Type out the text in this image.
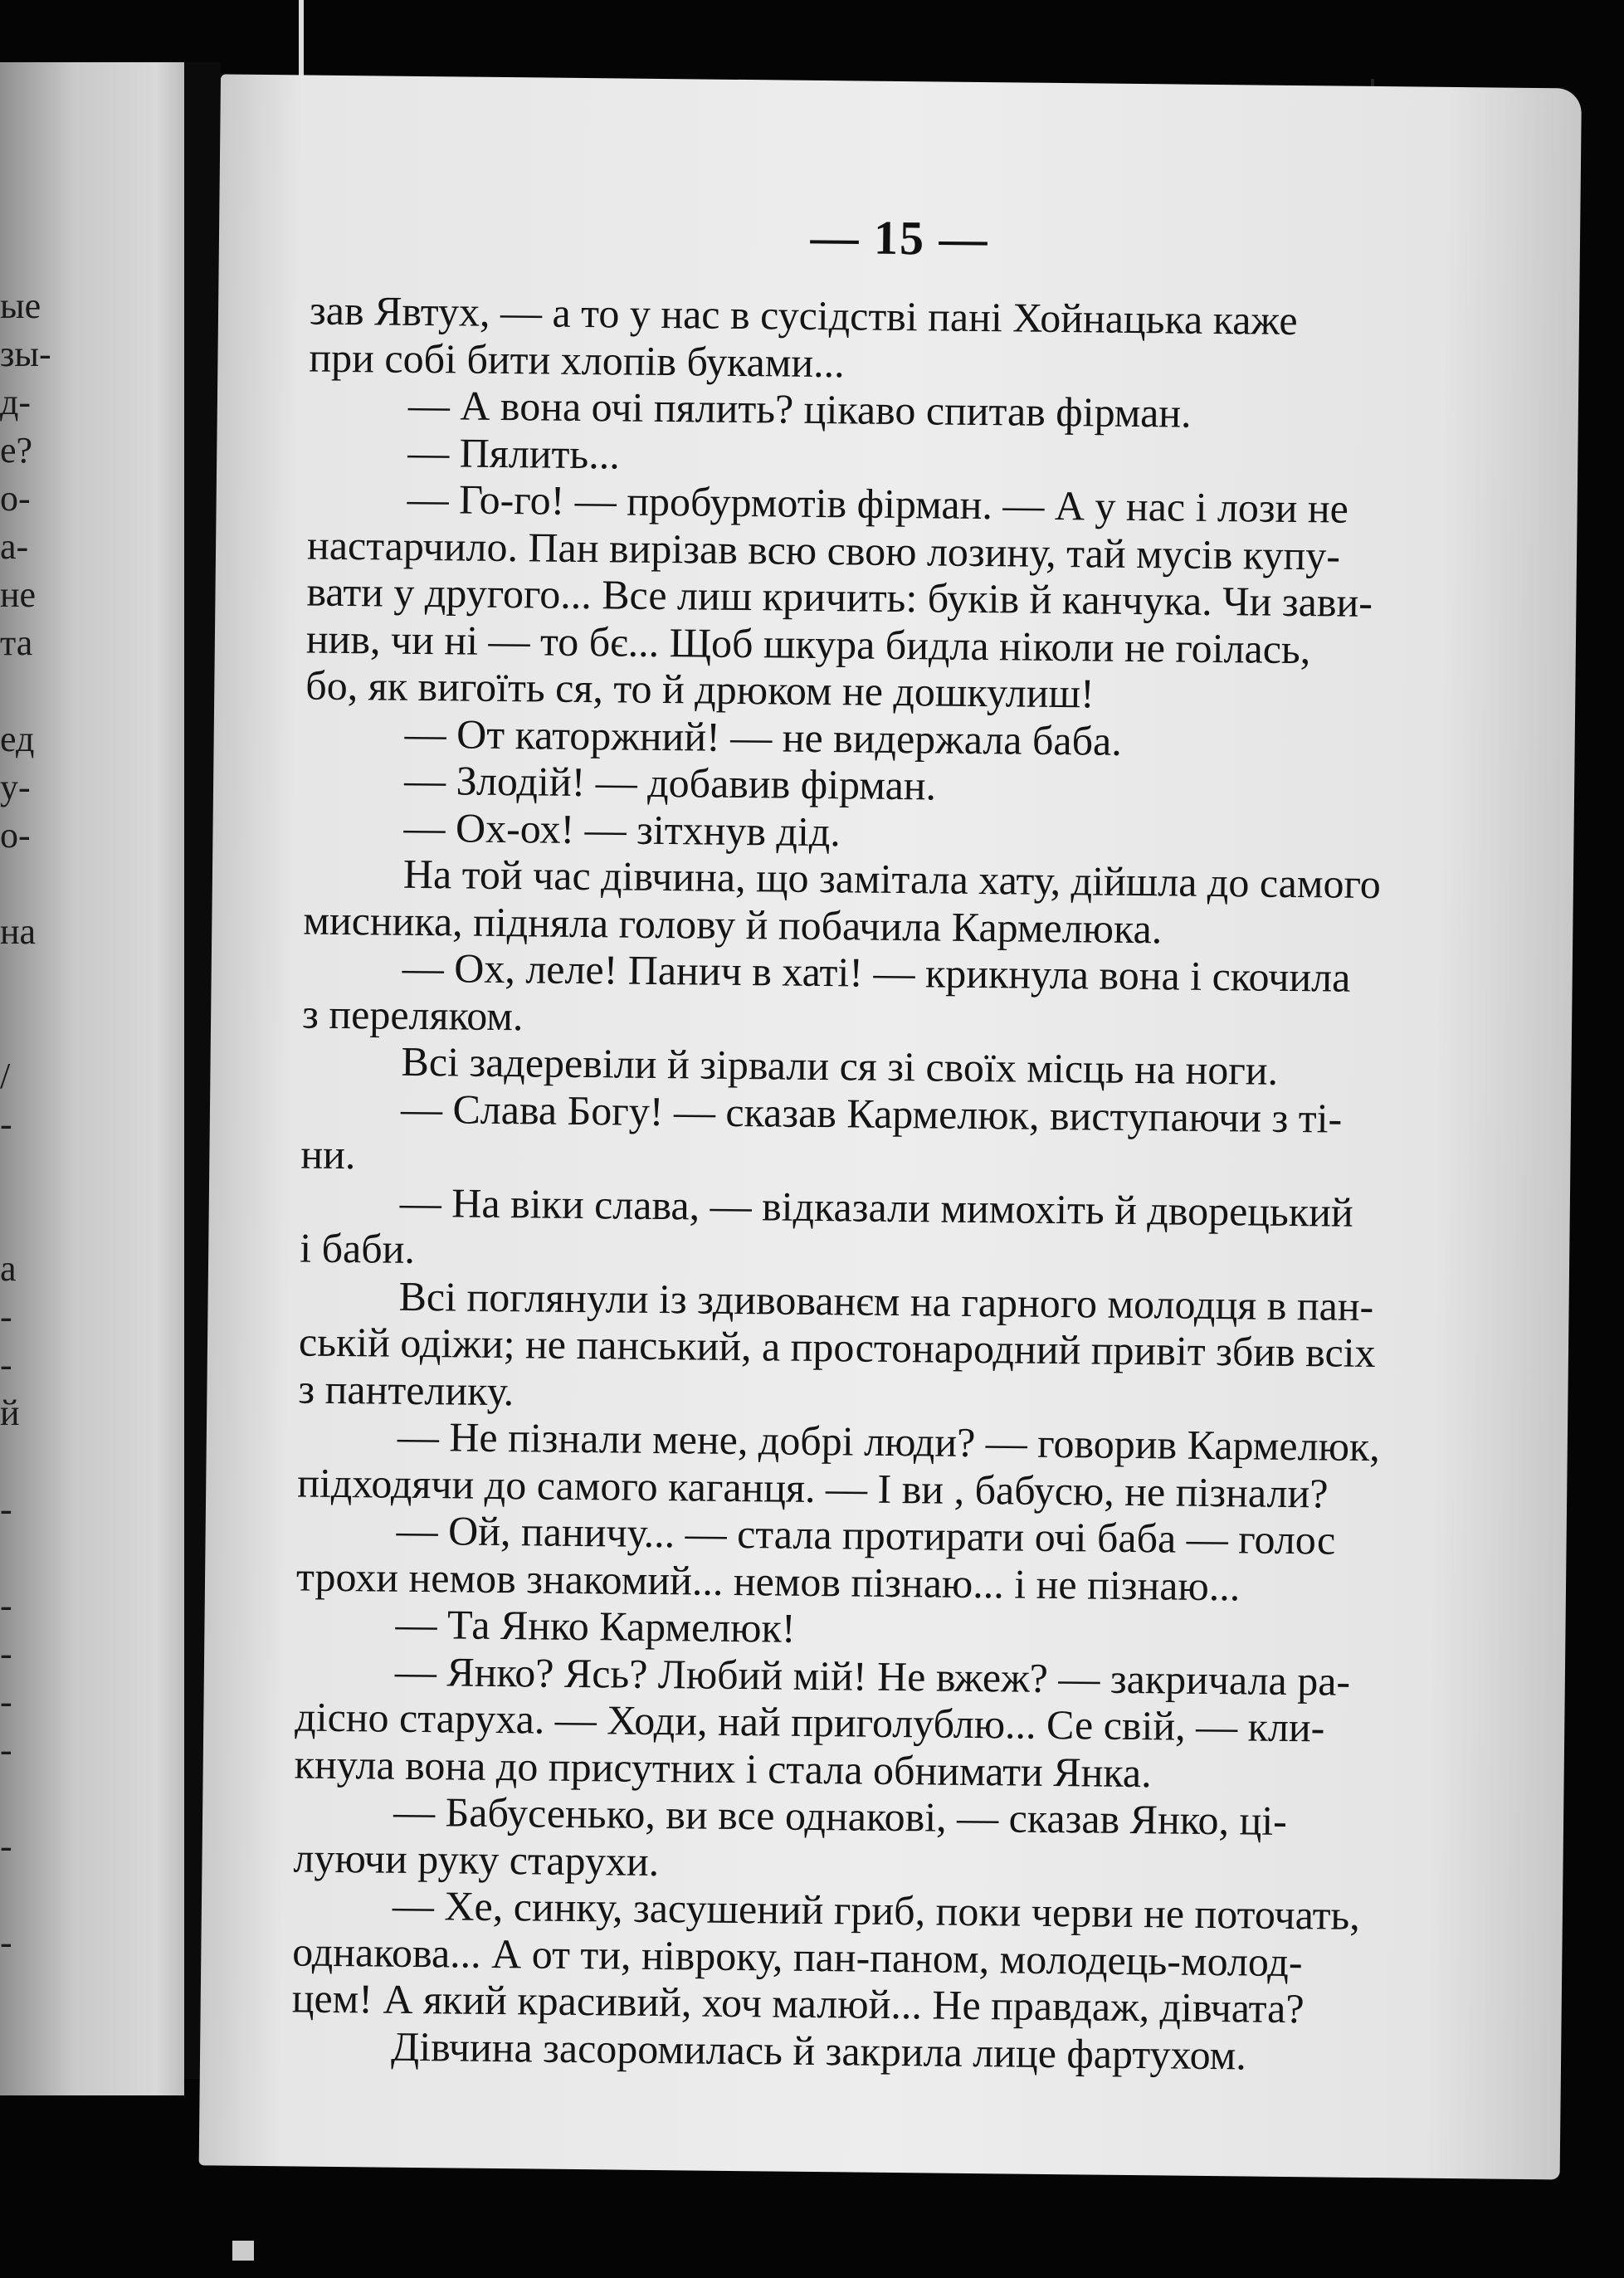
ые
зы-
д-
е?
о-
а-
не
та
ед
у-
о-
на
/
-
а
-
-
й
-
-
-
-
-
-
-
— 15 —
зав Явтух, — а то у нас в сусідстві пані Хойнацька каже
при собі бити хлопів буками...
— А вона очі пялить? цікаво спитав фірман.
— Пялить...
— Го-го! — пробурмотів фірман. — А у нас і лози не
настарчило. Пан вирізав всю свою лозину, тай мусів купу-
вати у другого... Все лиш кричить: буків й канчука. Чи зави-
нив, чи ні — то бє... Щоб шкура бидла ніколи не гоілась,
бо, як вигоїть ся, то й дрюком не дошкулиш!
— От каторжний! — не видержала баба.
— Злодій! — добавив фірман.
— Ох-ох! — зітхнув дід.
На той час дівчина, що замітала хату, дійшла до самого
мисника, підняла голову й побачила Кармелюка.
— Ох, леле! Панич в хаті! — крикнула вона і скочила
з переляком.
Всі задеревіли й зірвали ся зі своїх місць на ноги.
— Слава Богу! — сказав Кармелюк, виступаючи з ті-
ни.
— На віки слава, — відказали мимохіть й дворецький
і баби.
Всі поглянули із здивованєм на гарного молодця в пан-
ській одіжи; не панський, а простонародний привіт збив всіх
з пантелику.
— Не пізнали мене, добрі люди? — говорив Кармелюк,
підходячи до самого каганця. — І ви , бабусю, не пізнали?
— Ой, паничу... — стала протирати очі баба — голос
трохи немов знакомий... немов пізнаю... і не пізнаю...
— Та Янко Кармелюк!
— Янко? Ясь? Любий мій! Не вжеж? — закричала ра-
дісно старуха. — Ходи, най приголублю... Се свій, — кли-
кнула вона до присутних і стала обнимати Янка.
— Бабусенько, ви все однакові, — сказав Янко, ці-
луючи руку старухи.
— Хе, синку, засушений гриб, поки черви не поточать,
однакова... А от ти, нівроку, пан-паном, молодець-молод-
цем! А який красивий, хоч малюй... Не правдаж, дівчата?
Дівчина засоромилась й закрила лице фартухом.
